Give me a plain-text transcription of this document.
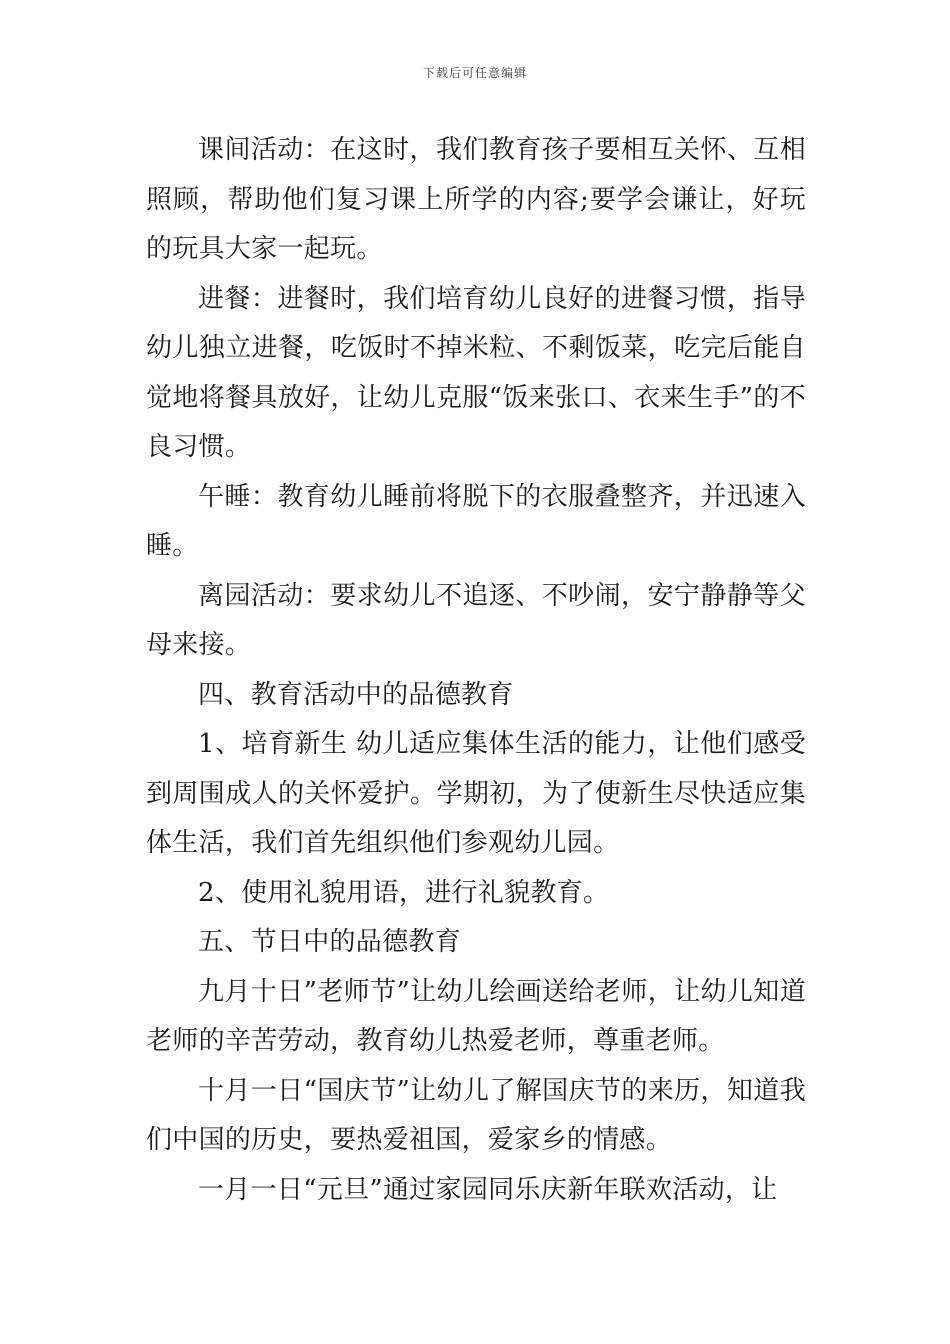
下载后可任意编辑

课间活动：在这时，我们教育孩子要相互关怀、互相照顾，帮助他们复习课上所学的内容;要学会谦让，好玩的玩具大家一起玩。

进餐：进餐时，我们培育幼儿良好的进餐习惯，指导幼儿独立进餐，吃饭时不掉米粒、不剩饭菜，吃完后能自觉地将餐具放好，让幼儿克服“饭来张口、衣来生手”的不良习惯。

午睡：教育幼儿睡前将脱下的衣服叠整齐，并迅速入睡。

离园活动：要求幼儿不追逐、不吵闹，安宁静静等父母来接。

四、教育活动中的品德教育

1、培育新生 幼儿适应集体生活的能力，让他们感受到周围成人的关怀爱护。学期初，为了使新生尽快适应集体生活，我们首先组织他们参观幼儿园。

2、使用礼貌用语，进行礼貌教育。

五、节日中的品德教育

九月十日”老师节”让幼儿绘画送给老师，让幼儿知道老师的辛苦劳动，教育幼儿热爱老师，尊重老师。

十月一日“国庆节”让幼儿了解国庆节的来历，知道我们中国的历史，要热爱祖国，爱家乡的情感。

一月一日“元旦”通过家园同乐庆新年联欢活动，让
